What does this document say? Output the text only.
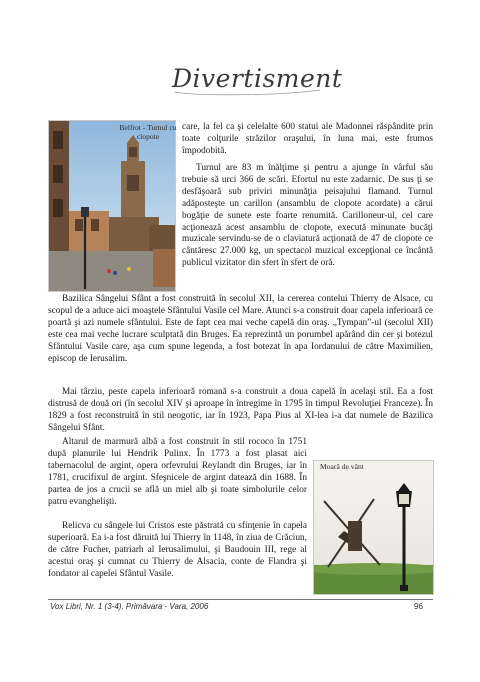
Divertisment
Belfrot - Turnul cu clopote
Moară de vânt

care, la fel ca şi celelalte 600 statui ale Madonnei răspândite prin toate colţurile străzilor oraşului, în luna mai, este frumos împodobită.

Turnul are 83 m înălţime şi pentru a ajunge în vârful său trebuie să urci 366 de scări. Efortul nu este zadarnic. De sus ţi se desfăşoară sub priviri minunăţia peisajului flamand. Turnul adăposteşte un carillon (ansamblu de clopote acordate) a cărui bogăţie de sunete este foarte renumită. Carilloneur-ul, cel care acţionează acest ansamblu de clopote, execută minunate bucăţi muzicale servindu-se de o claviatură acţionată de 47 de clopote ce cântăresc 27.000 kg, un spectacol muzical excepţional ce încântă publicul vizitator din sfert în sfert de oră.

Bazilica Sângelui Sfânt a fost construită în secolul XII, la cererea contelui Thierry de Alsace, cu scopul de a aduce aici moaştele Sfântului Vasile cel Mare. Atunci s-a construit doar capela inferioară ce poartă şi azi numele sfântului. Este de fapt cea mai veche capelă din oraş. „Tympan”-ul (secolul XII) este cea mai veche lucrare sculptată din Bruges. Ea reprezintă un porumbel apărând din cer şi botezul Sfântului Vasile care, aşa cum spune legenda, a fost botezat în apa Iordanului de către Maximilien, episcop de Ierusalim.

Mai târziu, peste capela inferioară romană s-a construit a doua capelă în acelaşi stil. Ea a fost distrusă de două ori (în secolul XIV şi aproape în întregime în 1795 în timpul Revoluţiei Franceze). În 1829 a fost reconstruită în stil neogotic, iar în 1923, Papa Pius al XI-lea i-a dat numele de Bazilica Sângelui Sfânt.

Altarul de marmură albă a fost construit în stil rococo în 1751 după planurile lui Hendrik Pulinx. În 1773 a fost plasat aici tabernacolul de argint, opera orfevrului Reylandt din Bruges, iar în 1781, crucifixul de argint. Sfeşnicele de argint datează din 1688. În partea de jos a crucii se află un miel alb şi toate simbolurile celor patru evanghelişti.

Relicva cu sângele lui Cristos este păstrată cu sfinţenie în capela superioară. Ea i-a fost dăruită lui Thierry în 1148, în ziua de Crăciun, de către Fucher, patriarh al Ierusalimului, şi Baudouin III, rege al acestui oraş şi cumnat cu Thierry de Alsacia, conte de Flandra şi fondator al capelei Sfântul Vasile.

Vox Libri, Nr. 1 (3-4), Primăvara - Vara, 2006	96
